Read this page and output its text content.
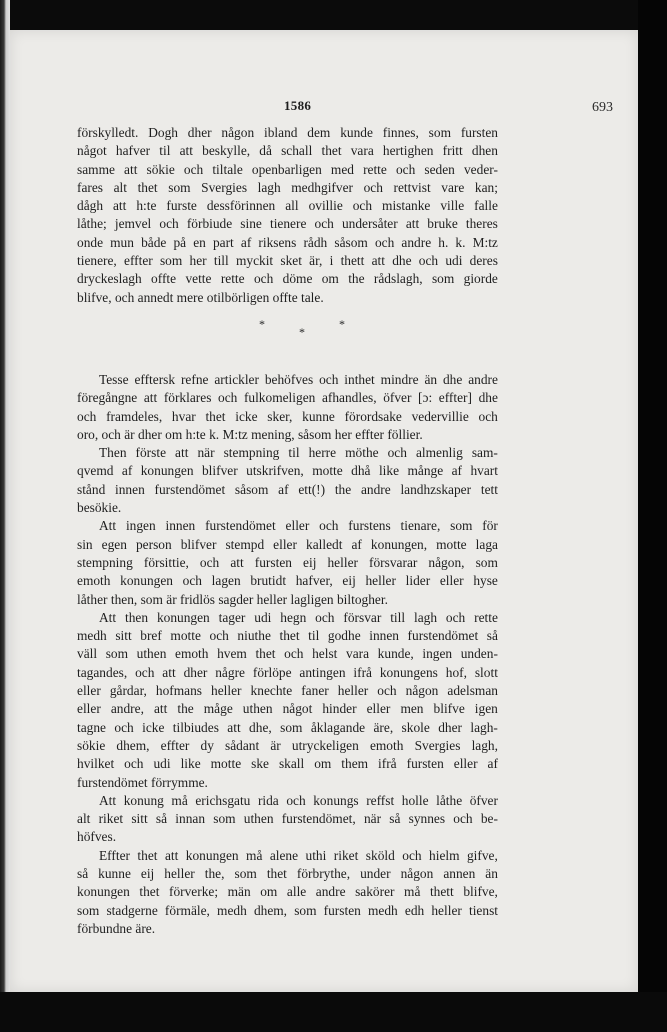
1586	693
förskylledt. Dogh dher någon ibland dem kunde finnes, som fursten
något hafver til att beskylle, då schall thet vara hertighen fritt dhen
samme att sökie och tiltale openbarligen med rette och seden veder-
fares alt thet som Svergies lagh medhgifver och rettvist vare kan;
dågh att h:te furste dessförinnen all ovillie och mistanke ville falle
låthe; jemvel och förbiude sine tienere och undersåter att bruke theres
onde mun både på en part af riksens rådh såsom och andre h. k. M:tz
tienere, effter som her till myckit sket är, i thett att dhe och udi deres
dryckeslagh offte vette rette och döme om the rådslagh, som giorde
blifve, och annedt mere otilbörligen offte tale.
*	*
*
Tesse efftersk refne artickler behöfves och inthet mindre än dhe andre
föregångne att förklares och fulkomeligen afhandles, öfver [ɔ: effter] dhe
och framdeles, hvar thet icke sker, kunne förordsake vedervillie och
oro, och är dher om h:te k. M:tz mening, såsom her effter föllier.
Then förste att när stempning til herre möthe och almenlig sam-
qvemd af konungen blifver utskrifven, motte dhå like månge af hvart
stånd innen furstendömet såsom af ett(!) the andre landhzskaper tett
besökie.
Att ingen innen furstendömet eller och furstens tienare, som för
sin egen person blifver stempd eller kalledt af konungen, motte laga
stempning försittie, och att fursten eij heller försvarar någon, som
emoth konungen och lagen brutidt hafver, eij heller lider eller hyse
låther then, som är fridlös sagder heller lagligen biltogher.
Att then konungen tager udi hegn och försvar till lagh och rette
medh sitt bref motte och niuthe thet til godhe innen furstendömet så
väll som uthen emoth hvem thet och helst vara kunde, ingen unden-
tagandes, och att dher någre förlöpe antingen ifrå konungens hof, slott
eller gårdar, hofmans heller knechte faner heller och någon adelsman
eller andre, att the måge uthen något hinder eller men blifve igen
tagne och icke tilbiudes att dhe, som åklagande äre, skole dher lagh-
sökie dhem, effter dy sådant är utryckeligen emoth Svergies lagh,
hvilket och udi like motte ske skall om them ifrå fursten eller af
furstendömet förrymme.
Att konung må erichsgatu rida och konungs reffst holle låthe öfver
alt riket sitt så innan som uthen furstendömet, när så synnes och be-
höfves.
Effter thet att konungen må alene uthi riket sköld och hielm gifve,
så kunne eij heller the, som thet förbrythe, under någon annen än
konungen thet förverke; män om alle andre sakörer må thett blifve,
som stadgerne förmäle, medh dhem, som fursten medh edh heller tienst
förbundne äre.
